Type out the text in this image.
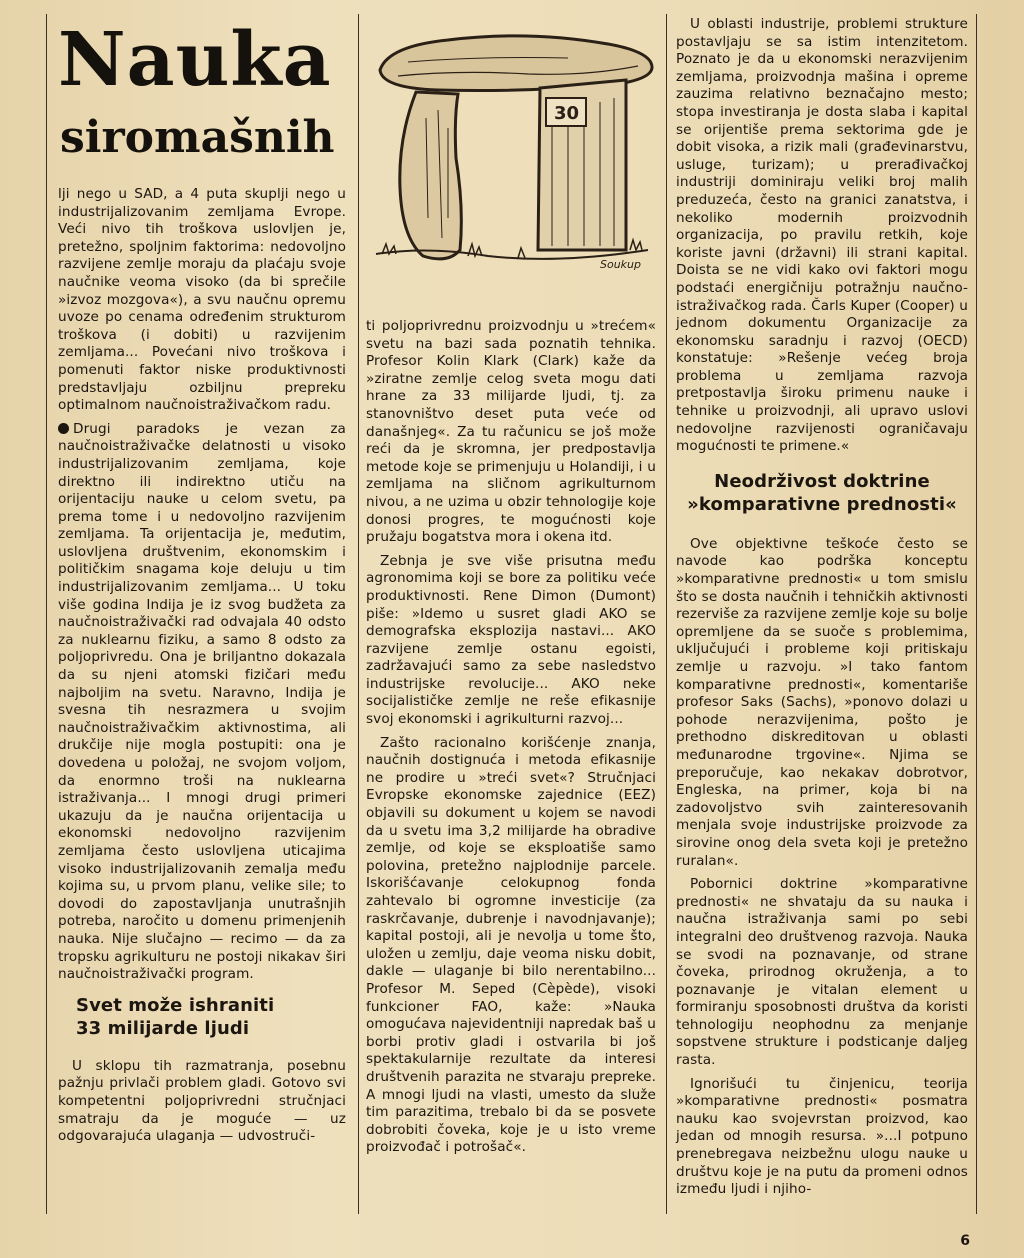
Nauka
siromašnih

lji nego u SAD, a 4 puta skuplji nego u industrijalizovanim zemljama Evrope. Veći nivo tih troškova uslovljen je, pretežno, spoljnim faktorima: nedovoljno razvijene zemlje moraju da plaćaju svoje naučnike veoma visoko (da bi sprečile »izvoz mozgova«), a svu naučnu opremu uvoze po cenama određenim strukturom troškova (i dobiti) u razvijenim zemljama... Povećani nivo troškova i pomenuti faktor niske produktivnosti predstavljaju ozbiljnu prepreku optimalnom naučnoistraživačkom radu.

Drugi paradoks je vezan za naučnoistraživačke delatnosti u visoko industrijalizovanim zemljama, koje direktno ili indirektno utiču na orijentaciju nauke u celom svetu, pa prema tome i u nedovoljno razvijenim zemljama. Ta orijentacija je, međutim, uslovljena društvenim, ekonomskim i političkim snagama koje deluju u tim industrijalizovanim zemljama... U toku više godina Indija je iz svog budžeta za naučnoistraživački rad odvajala 40 odsto za nuklearnu fiziku, a samo 8 odsto za poljoprivredu. Ona je briljantno dokazala da su njeni atomski fizičari među najboljim na svetu. Naravno, Indija je svesna tih nesrazmera u svojim naučnoistraživačkim aktivnostima, ali drukčije nije mogla postupiti: ona je dovedena u položaj, ne svojom voljom, da enormno troši na nuklearna istraživanja... I mnogi drugi primeri ukazuju da je naučna orijentacija u ekonomski nedovoljno razvijenim zemljama često uslovljena uticajima visoko industrijalizovanih zemalja među kojima su, u prvom planu, velike sile; to dovodi do zapostavljanja unutrašnjih potreba, naročito u domenu primenjenih nauka. Nije slučajno — recimo — da za tropsku agrikulturu ne postoji nikakav širi naučnoistraživački program.

Svet može ishraniti 33 milijarde ljudi

U sklopu tih razmatranja, posebnu pažnju privlači problem gladi. Gotovo svi kompetentni poljoprivredni stručnjaci smatraju da je moguće — uz odgovarajuća ulaganja — udvostruči-

30
Soukup

ti poljoprivrednu proizvodnju u »trećem« svetu na bazi sada poznatih tehnika. Profesor Kolin Klark (Clark) kaže da »ziratne zemlje celog sveta mogu dati hrane za 33 milijarde ljudi, tj. za stanovništvo deset puta veće od današnjeg«. Za tu računicu se još može reći da je skromna, jer predpostavlja metode koje se primenjuju u Holandiji, i u zemljama na sličnom agrikulturnom nivou, a ne uzima u obzir tehnologije koje donosi progres, te mogućnosti koje pružaju bogatstva mora i okena itd.

Zebnja je sve više prisutna među agronomima koji se bore za politiku veće produktivnosti. Rene Dimon (Dumont) piše: »Idemo u susret gladi AKO se demografska eksplozija nastavi... AKO razvijene zemlje ostanu egoisti, zadržavajući samo za sebe nasledstvo industrijske revolucije... AKO neke socijalističke zemlje ne reše efikasnije svoj ekonomski i agrikulturni razvoj...

Zašto racionalno korišćenje znanja, naučnih dostignuća i metoda efikasnije ne prodire u »treći svet«? Stručnjaci Evropske ekonomske zajednice (EEZ) objavili su dokument u kojem se navodi da u svetu ima 3,2 milijarde ha obradive zemlje, od koje se eksploatiše samo polovina, pretežno najplodnije parcele. Iskorišćavanje celokupnog fonda zahtevalo bi ogromne investicije (za raskrčavanje, dubrenje i navodnjavanje); kapital postoji, ali je nevolja u tome što, uložen u zemlju, daje veoma nisku dobit, dakle — ulaganje bi bilo nerentabilno... Profesor M. Seped (Cèpède), visoki funkcioner FAO, kaže: »Nauka omogućava najevidentniji napredak baš u borbi protiv gladi i ostvarila bi još spektakularnije rezultate da interesi društvenih parazita ne stvaraju prepreke. A mnogi ljudi na vlasti, umesto da služe tim parazitima, trebalo bi da se posvete dobrobiti čoveka, koje je u isto vreme proizvođač i potrošač«.

U oblasti industrije, problemi strukture postavljaju se sa istim intenzitetom. Poznato je da u ekonomski nerazvijenim zemljama, proizvodnja mašina i opreme zauzima relativno beznačajno mesto; stopa investiranja je dosta slaba i kapital se orijentiše prema sektorima gde je dobit visoka, a rizik mali (građevinarstvu, usluge, turizam); u prerađivačkoj industriji dominiraju veliki broj malih preduzeća, često na granici zanatstva, i nekoliko modernih proizvodnih organizacija, po pravilu retkih, koje koriste javni (državni) ili strani kapital. Doista se ne vidi kako ovi faktori mogu podstaći energičniju potražnju naučno-istraživačkog rada. Čarls Kuper (Cooper) u jednom dokumentu Organizacije za ekonomsku saradnju i razvoj (OECD) konstatuje: »Rešenje većeg broja problema u zemljama razvoja pretpostavlja široku primenu nauke i tehnike u proizvodnji, ali upravo uslovi nedovoljne razvijenosti ograničavaju mogućnosti te primene.«

Neodrživost doktrine »komparativne prednosti«

Ove objektivne teškoće često se navode kao podrška konceptu »komparativne prednosti« u tom smislu što se dosta naučnih i tehničkih aktivnosti rezerviše za razvijene zemlje koje su bolje opremljene da se suoče s problemima, uključujući i probleme koji pritiskaju zemlje u razvoju. »I tako fantom komparativne prednosti«, komentariše profesor Saks (Sachs), »ponovo dolazi u pohode nerazvijenima, pošto je prethodno diskreditovan u oblasti međunarodne trgovine«. Njima se preporučuje, kao nekakav dobrotvor, Engleska, na primer, koja bi na zadovoljstvo svih zainteresovanih menjala svoje industrijske proizvode za sirovine onog dela sveta koji je pretežno ruralan«.

Pobornici doktrine »komparativne prednosti« ne shvataju da su nauka i naučna istraživanja sami po sebi integralni deo društvenog razvoja. Nauka se svodi na poznavanje, od strane čoveka, prirodnog okruženja, a to poznavanje je vitalan element u formiranju sposobnosti društva da koristi tehnologiju neophodnu za menjanje sopstvene strukture i podsticanje daljeg rasta.

Ignorišući tu činjenicu, teorija »komparativne prednosti« posmatra nauku kao svojevrstan proizvod, kao jedan od mnogih resursa. »...I potpuno prenebregava neizbežnu ulogu nauke u društvu koje je na putu da promeni odnos između ljudi i njiho-

6
